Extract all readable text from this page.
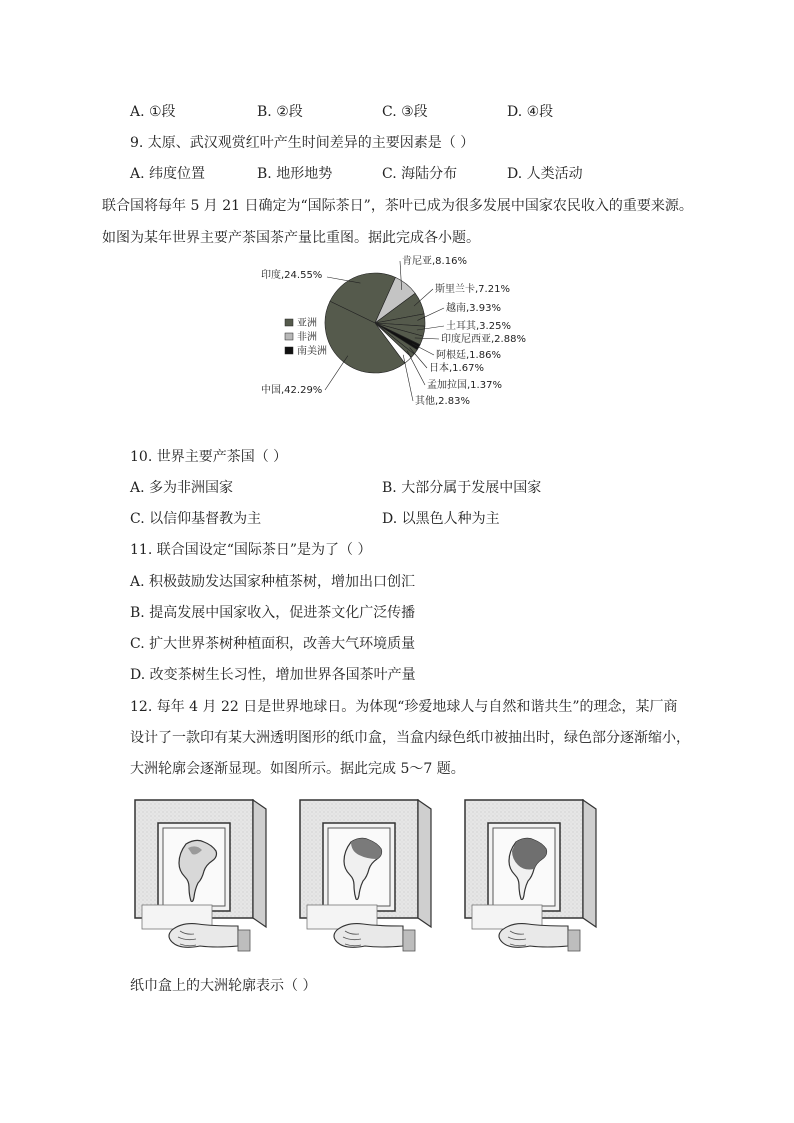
A. ①段	B. ②段	C. ③段	D. ④段
9. 太原、武汉观赏红叶产生时间差异的主要因素是（ ）
A. 纬度位置	B. 地形地势	C. 海陆分布	D. 人类活动
联合国将每年 5 月 21 日确定为“国际茶日”，茶叶已成为很多发展中国家农民收入的重要来源。
如图为某年世界主要产茶国茶产量比重图。据此完成各小题。
印度,24.55%
肯尼亚,8.16%
斯里兰卡,7.21%
越南,3.93%
土耳其,3.25%
印度尼西亚,2.88%
阿根廷,1.86%
日本,1.67%
孟加拉国,1.37%
其他,2.83%
中国,42.29%
亚洲
非洲
南美洲
10. 世界主要产茶国（ ）
A. 多为非洲国家	B. 大部分属于发展中国家
C. 以信仰基督教为主	D. 以黑色人种为主
11. 联合国设定“国际茶日”是为了（ ）
A. 积极鼓励发达国家种植茶树，增加出口创汇
B. 提高发展中国家收入，促进茶文化广泛传播
C. 扩大世界茶树种植面积，改善大气环境质量
D. 改变茶树生长习性，增加世界各国茶叶产量
12. 每年 4 月 22 日是世界地球日。为体现“珍爱地球人与自然和谐共生”的理念，某厂商
设计了一款印有某大洲透明图形的纸巾盒，当盒内绿色纸巾被抽出时，绿色部分逐渐缩小，
大洲轮廓会逐渐显现。如图所示。据此完成 5～7 题。
纸巾盒上的大洲轮廓表示（ ）
